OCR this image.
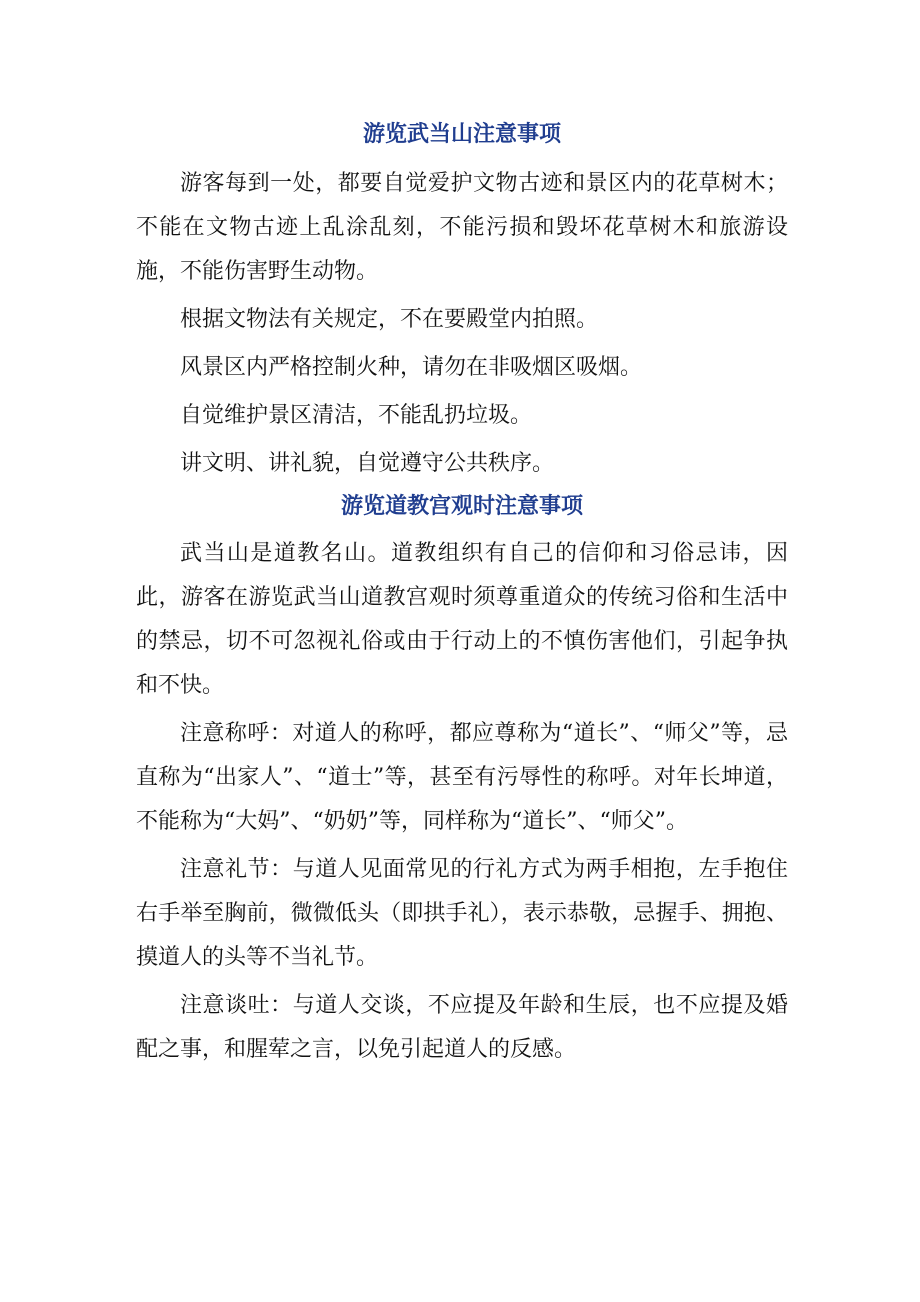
游览武当山注意事项

游客每到一处，都要自觉爱护文物古迹和景区内的花草树木；不能在文物古迹上乱涂乱刻，不能污损和毁坏花草树木和旅游设施，不能伤害野生动物。

根据文物法有关规定，不在要殿堂内拍照。

风景区内严格控制火种，请勿在非吸烟区吸烟。

自觉维护景区清洁，不能乱扔垃圾。

讲文明、讲礼貌，自觉遵守公共秩序。

游览道教宫观时注意事项

武当山是道教名山。道教组织有自己的信仰和习俗忌讳，因此，游客在游览武当山道教宫观时须尊重道众的传统习俗和生活中的禁忌，切不可忽视礼俗或由于行动上的不慎伤害他们，引起争执和不快。

注意称呼：对道人的称呼，都应尊称为“道长”、“师父”等，忌直称为“出家人”、“道士”等，甚至有污辱性的称呼。对年长坤道，不能称为“大妈”、“奶奶”等，同样称为“道长”、“师父”。

注意礼节：与道人见面常见的行礼方式为两手相抱，左手抱住右手举至胸前，微微低头（即拱手礼），表示恭敬，忌握手、拥抱、摸道人的头等不当礼节。

注意谈吐：与道人交谈，不应提及年龄和生辰，也不应提及婚配之事，和腥荤之言，以免引起道人的反感。
